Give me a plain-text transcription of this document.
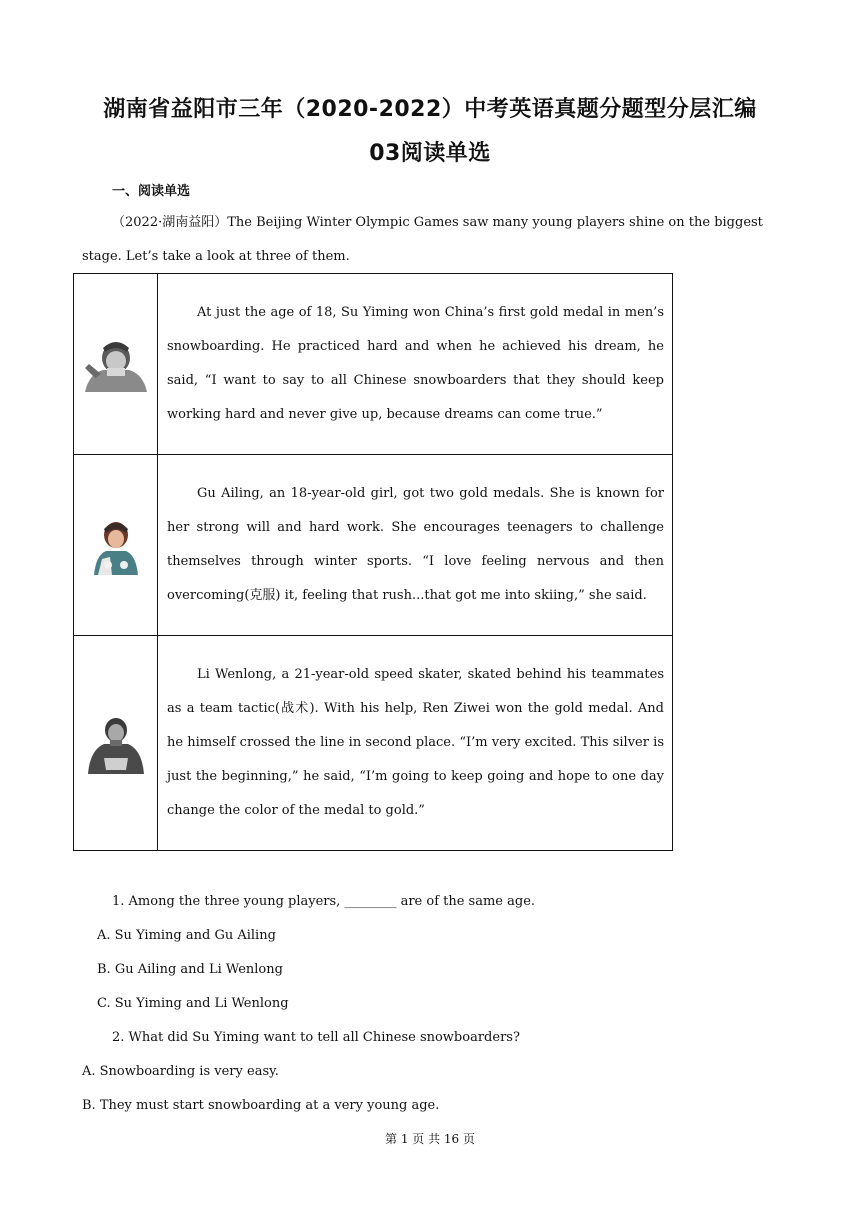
湖南省益阳市三年（2020-2022）中考英语真题分题型分层汇编
03阅读单选
一、阅读单选
（2022·湖南益阳）The Beijing Winter Olympic Games saw many young players shine on the biggest stage. Let’s take a look at three of them.
	At just the age of 18, Su Yiming won China’s first gold medal in men’s snowboarding. He practiced hard and when he achieved his dream, he said, “I want to say to all Chinese snowboarders that they should keep working hard and never give up, because dreams can come true.”

	Gu Ailing, an 18-year-old girl, got two gold medals. She is known for her strong will and hard work. She encourages teenagers to challenge themselves through winter sports. “I love feeling nervous and then overcoming(克服) it, feeling that rush...that got me into skiing,” she said.

	Li Wenlong, a 21-year-old speed skater, skated behind his teammates as a team tactic(战术). With his help, Ren Ziwei won the gold medal. And he himself crossed the line in second place. “I’m very excited. This silver is just the beginning,” he said, “I’m going to keep going and hope to one day change the color of the medal to gold.”
1. Among the three young players, ________ are of the same age.
A. Su Yiming and Gu Ailing
B. Gu Ailing and Li Wenlong
C. Su Yiming and Li Wenlong
2. What did Su Yiming want to tell all Chinese snowboarders?
A. Snowboarding is very easy.
B. They must start snowboarding at a very young age.
第 1 页 共 16 页
